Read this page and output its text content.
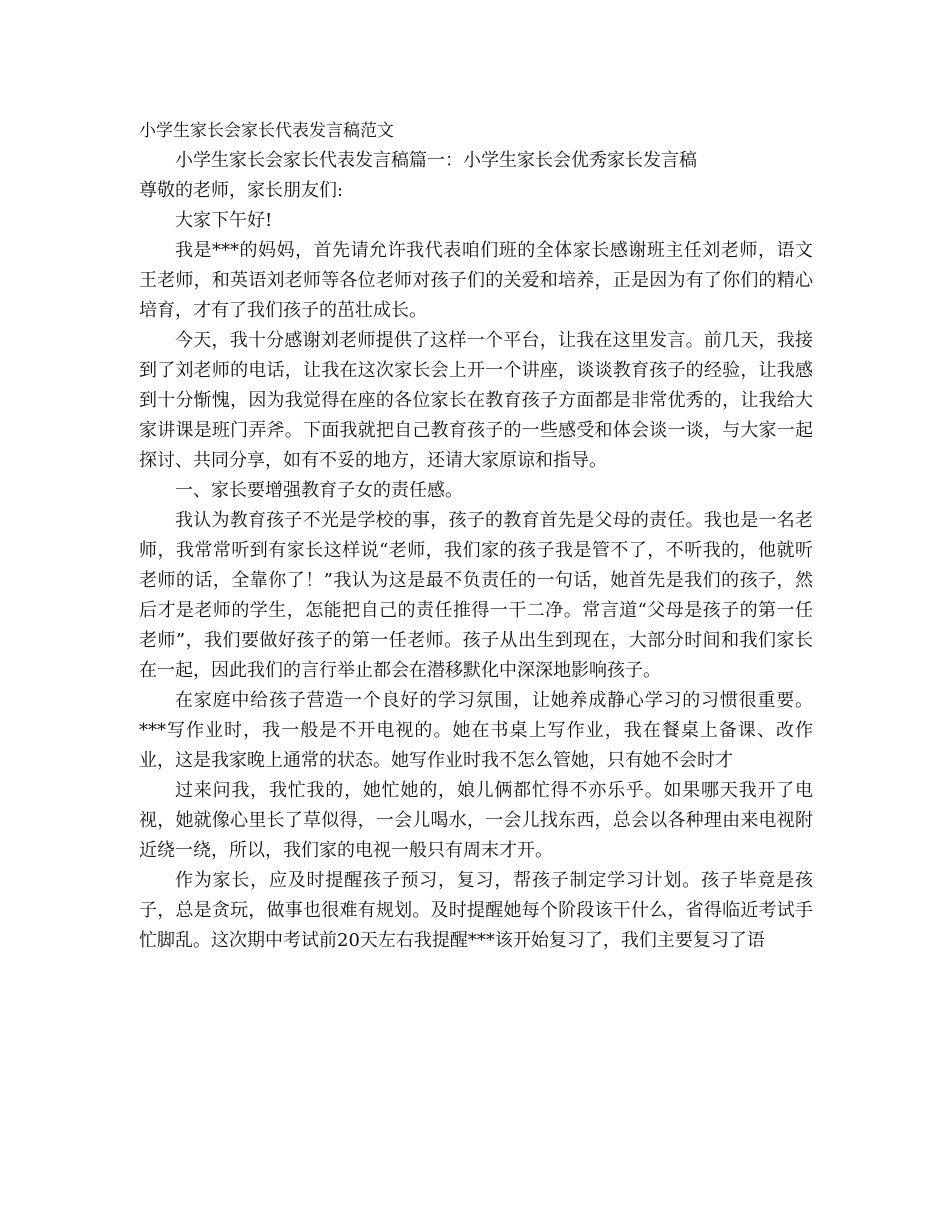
小学生家长会家长代表发言稿范文

小学生家长会家长代表发言稿篇一：小学生家长会优秀家长发言稿

尊敬的老师，家长朋友们:

大家下午好!

我是***的妈妈，首先请允许我代表咱们班的全体家长感谢班主任刘老师，语文王老师，和英语刘老师等各位老师对孩子们的关爱和培养，正是因为有了你们的精心培育，才有了我们孩子的茁壮成长。

今天，我十分感谢刘老师提供了这样一个平台，让我在这里发言。前几天，我接到了刘老师的电话，让我在这次家长会上开一个讲座，谈谈教育孩子的经验，让我感到十分惭愧，因为我觉得在座的各位家长在教育孩子方面都是非常优秀的，让我给大家讲课是班门弄斧。下面我就把自己教育孩子的一些感受和体会谈一谈，与大家一起探讨、共同分享，如有不妥的地方，还请大家原谅和指导。

一、家长要增强教育子女的责任感。

我认为教育孩子不光是学校的事，孩子的教育首先是父母的责任。我也是一名老师，我常常听到有家长这样说“老师，我们家的孩子我是管不了，不听我的，他就听老师的话，全靠你了！”我认为这是最不负责任的一句话，她首先是我们的孩子，然后才是老师的学生，怎能把自己的责任推得一干二净。常言道“父母是孩子的第一任老师”，我们要做好孩子的第一任老师。孩子从出生到现在，大部分时间和我们家长在一起，因此我们的言行举止都会在潜移默化中深深地影响孩子。

在家庭中给孩子营造一个良好的学习氛围，让她养成静心学习的习惯很重要。***写作业时，我一般是不开电视的。她在书桌上写作业，我在餐桌上备课、改作业，这是我家晚上通常的状态。她写作业时我不怎么管她，只有她不会时才

过来问我，我忙我的，她忙她的，娘儿俩都忙得不亦乐乎。如果哪天我开了电视，她就像心里长了草似得，一会儿喝水，一会儿找东西，总会以各种理由来电视附近绕一绕，所以，我们家的电视一般只有周末才开。

作为家长，应及时提醒孩子预习，复习，帮孩子制定学习计划。孩子毕竟是孩子，总是贪玩，做事也很难有规划。及时提醒她每个阶段该干什么，省得临近考试手忙脚乱。这次期中考试前20天左右我提醒***该开始复习了，我们主要复习了语
